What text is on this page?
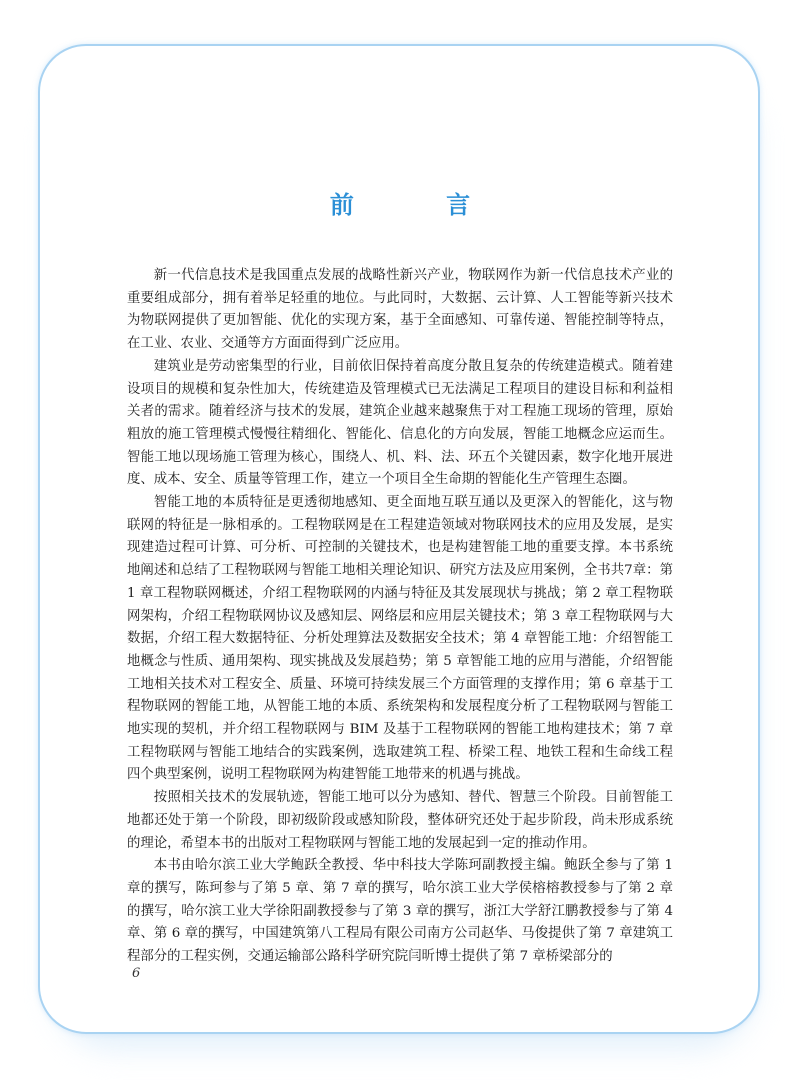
前 言

新一代信息技术是我国重点发展的战略性新兴产业，物联网作为新一代信息技术产业的重要组成部分，拥有着举足轻重的地位。与此同时，大数据、云计算、人工智能等新兴技术为物联网提供了更加智能、优化的实现方案，基于全面感知、可靠传递、智能控制等特点，在工业、农业、交通等方方面面得到广泛应用。

建筑业是劳动密集型的行业，目前依旧保持着高度分散且复杂的传统建造模式。随着建设项目的规模和复杂性加大，传统建造及管理模式已无法满足工程项目的建设目标和利益相关者的需求。随着经济与技术的发展，建筑企业越来越聚焦于对工程施工现场的管理，原始粗放的施工管理模式慢慢往精细化、智能化、信息化的方向发展，智能工地概念应运而生。智能工地以现场施工管理为核心，围绕人、机、料、法、环五个关键因素，数字化地开展进度、成本、安全、质量等管理工作，建立一个项目全生命期的智能化生产管理生态圈。

智能工地的本质特征是更透彻地感知、更全面地互联互通以及更深入的智能化，这与物联网的特征是一脉相承的。工程物联网是在工程建造领域对物联网技术的应用及发展，是实现建造过程可计算、可分析、可控制的关键技术，也是构建智能工地的重要支撑。本书系统地阐述和总结了工程物联网与智能工地相关理论知识、研究方法及应用案例，全书共7章：第 1 章工程物联网概述，介绍工程物联网的内涵与特征及其发展现状与挑战；第 2 章工程物联网架构，介绍工程物联网协议及感知层、网络层和应用层关键技术；第 3 章工程物联网与大数据，介绍工程大数据特征、分析处理算法及数据安全技术；第 4 章智能工地：介绍智能工地概念与性质、通用架构、现实挑战及发展趋势；第 5 章智能工地的应用与潜能，介绍智能工地相关技术对工程安全、质量、环境可持续发展三个方面管理的支撑作用；第 6 章基于工程物联网的智能工地，从智能工地的本质、系统架构和发展程度分析了工程物联网与智能工地实现的契机，并介绍工程物联网与 BIM 及基于工程物联网的智能工地构建技术；第 7 章工程物联网与智能工地结合的实践案例，选取建筑工程、桥梁工程、地铁工程和生命线工程四个典型案例，说明工程物联网为构建智能工地带来的机遇与挑战。

按照相关技术的发展轨迹，智能工地可以分为感知、替代、智慧三个阶段。目前智能工地都还处于第一个阶段，即初级阶段或感知阶段，整体研究还处于起步阶段，尚未形成系统的理论，希望本书的出版对工程物联网与智能工地的发展起到一定的推动作用。

本书由哈尔滨工业大学鲍跃全教授、华中科技大学陈珂副教授主编。鲍跃全参与了第 1 章的撰写，陈珂参与了第 5 章、第 7 章的撰写，哈尔滨工业大学侯榕榕教授参与了第 2 章的撰写，哈尔滨工业大学徐阳副教授参与了第 3 章的撰写，浙江大学舒江鹏教授参与了第 4 章、第 6 章的撰写，中国建筑第八工程局有限公司南方公司赵华、马俊提供了第 7 章建筑工程部分的工程实例，交通运输部公路科学研究院闫昕博士提供了第 7 章桥梁部分的

6
